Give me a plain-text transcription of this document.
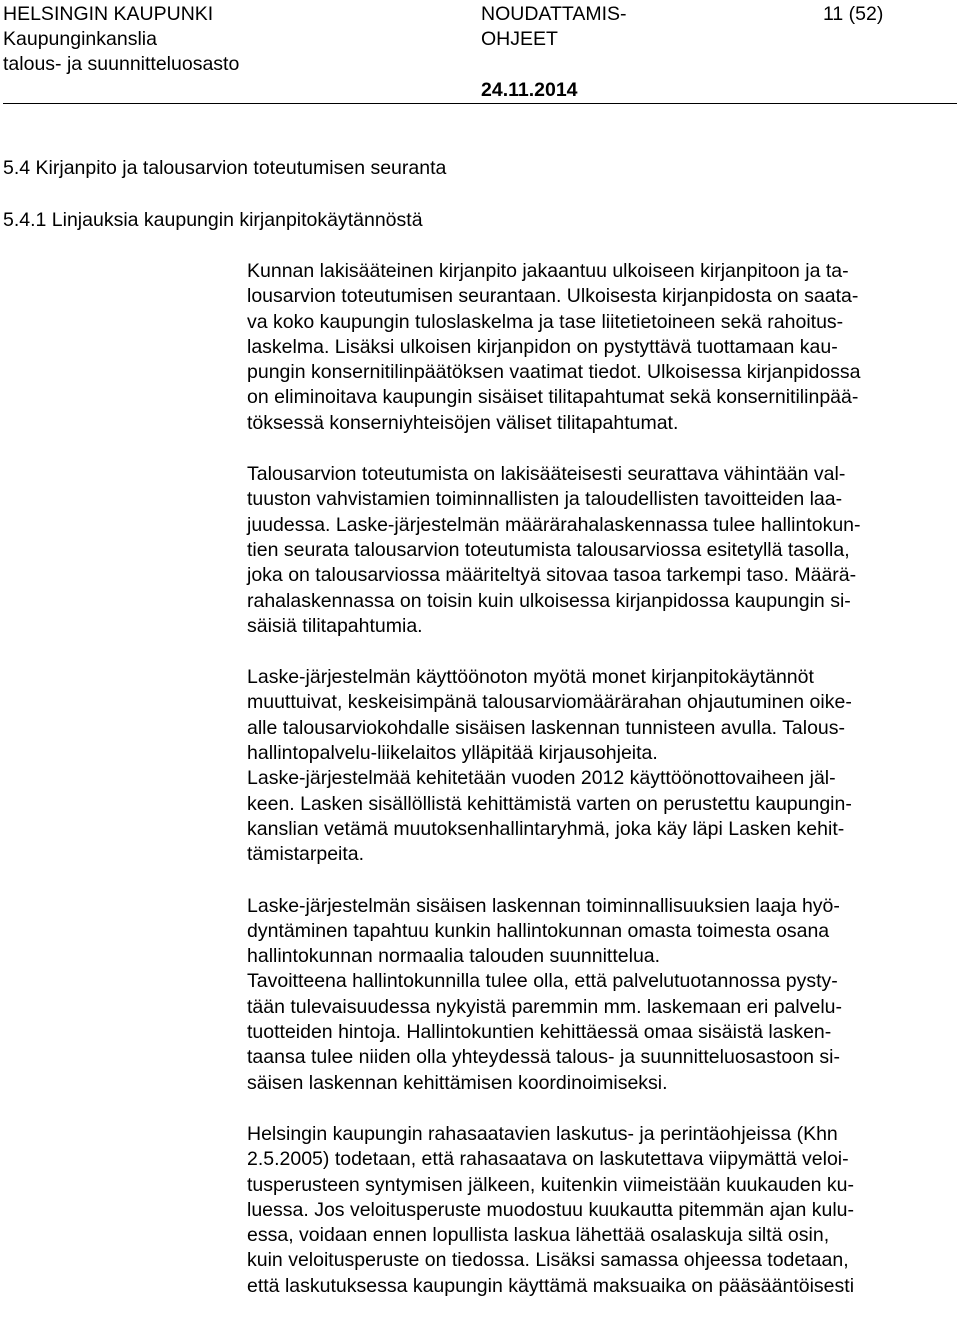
HELSINGIN KAUPUNKI
Kaupunginkanslia
talous- ja suunnitteluosasto
NOUDATTAMIS-
OHJEET
24.11.2014
11 (52)
5.4 Kirjanpito ja talousarvion toteutumisen seuranta
5.4.1 Linjauksia kaupungin kirjanpitokäytännöstä
Kunnan lakisääteinen kirjanpito jakaantuu ulkoiseen kirjanpitoon ja ta-
lousarvion toteutumisen seurantaan. Ulkoisesta kirjanpidosta on saata-
va koko kaupungin tuloslaskelma ja tase liitetietoineen sekä rahoitus-
laskelma. Lisäksi ulkoisen kirjanpidon on pystyttävä tuottamaan kau-
pungin konsernitilinpäätöksen vaatimat tiedot. Ulkoisessa kirjanpidossa
on eliminoitava kaupungin sisäiset tilitapahtumat sekä konsernitilinpää-
töksessä konserniyhteisöjen väliset tilitapahtumat.
Talousarvion toteutumista on lakisääteisesti seurattava vähintään val-
tuuston vahvistamien toiminnallisten ja taloudellisten tavoitteiden laa-
juudessa. Laske-järjestelmän määrärahalaskennassa tulee hallintokun-
tien seurata talousarvion toteutumista talousarviossa esitetyllä tasolla,
joka on talousarviossa määriteltyä sitovaa tasoa tarkempi taso. Määrä-
rahalaskennassa on toisin kuin ulkoisessa kirjanpidossa kaupungin si-
säisiä tilitapahtumia.
Laske-järjestelmän käyttöönoton myötä monet kirjanpitokäytännöt
muuttuivat, keskeisimpänä talousarviomäärärahan ohjautuminen oike-
alle talousarviokohdalle sisäisen laskennan tunnisteen avulla. Talous-
hallintopalvelu-liikelaitos ylläpitää kirjausohjeita.
Laske-järjestelmää kehitetään vuoden 2012 käyttöönottovaiheen jäl-
keen. Lasken sisällöllistä kehittämistä varten on perustettu kaupungin-
kanslian vetämä muutoksenhallintaryhmä, joka käy läpi Lasken kehit-
tämistarpeita.
Laske-järjestelmän sisäisen laskennan toiminnallisuuksien laaja hyö-
dyntäminen tapahtuu kunkin hallintokunnan omasta toimesta osana
hallintokunnan normaalia talouden suunnittelua.
Tavoitteena hallintokunnilla tulee olla, että palvelutuotannossa pysty-
tään tulevaisuudessa nykyistä paremmin mm. laskemaan eri palvelu-
tuotteiden hintoja. Hallintokuntien kehittäessä omaa sisäistä lasken-
taansa tulee niiden olla yhteydessä talous- ja suunnitteluosastoon si-
säisen laskennan kehittämisen koordinoimiseksi.
Helsingin kaupungin rahasaatavien laskutus- ja perintäohjeissa (Khn
2.5.2005) todetaan, että rahasaatava on laskutettava viipymättä veloi-
tusperusteen syntymisen jälkeen, kuitenkin viimeistään kuukauden ku-
luessa. Jos veloitusperuste muodostuu kuukautta pitemmän ajan kulu-
essa, voidaan ennen lopullista laskua lähettää osalaskuja siltä osin,
kuin veloitusperuste on tiedossa. Lisäksi samassa ohjeessa todetaan,
että laskutuksessa kaupungin käyttämä maksuaika on pääsääntöisesti
